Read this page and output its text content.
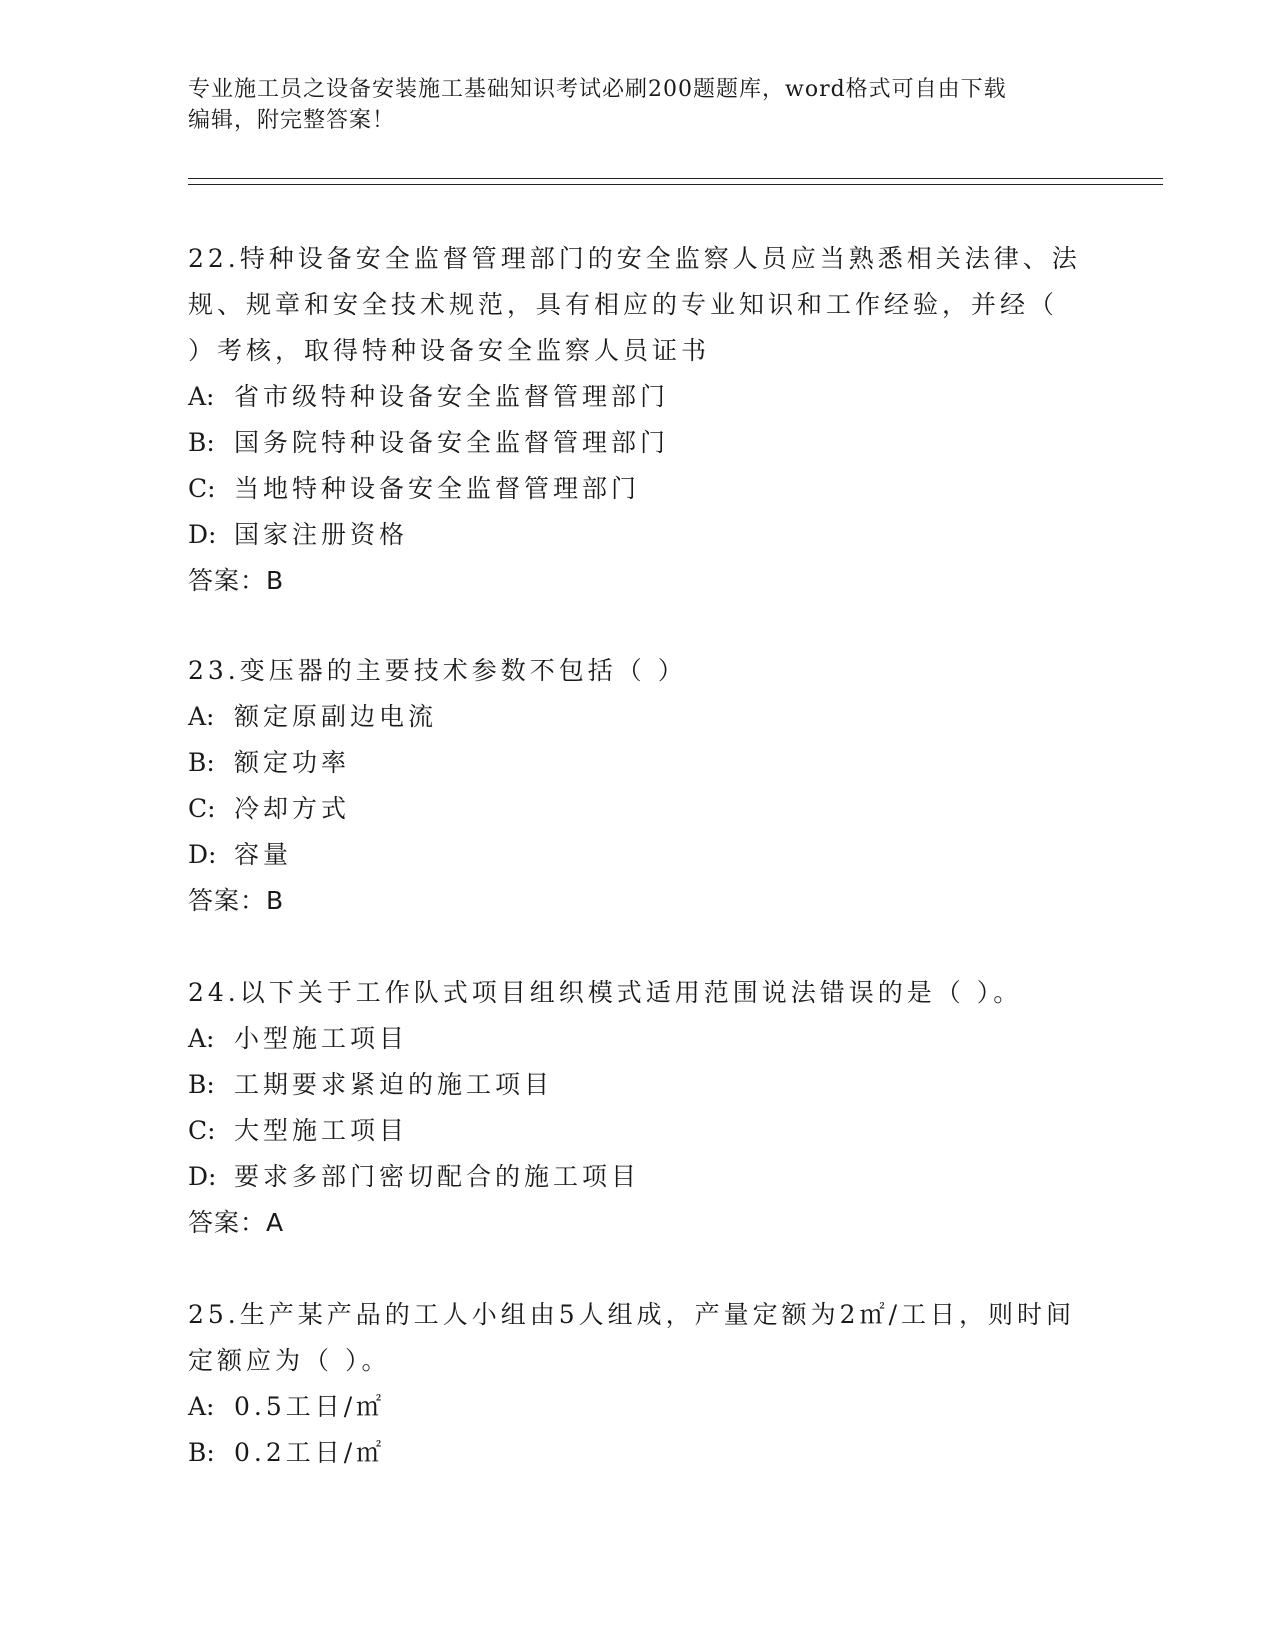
专业施工员之设备安装施工基础知识考试必刷200题题库，word格式可自由下载
编辑，附完整答案！

22.特种设备安全监督管理部门的安全监察人员应当熟悉相关法律、法

规、规章和安全技术规范，具有相应的专业知识和工作经验，并经（

）考核，取得特种设备安全监察人员证书

A: 省市级特种设备安全监督管理部门

B: 国务院特种设备安全监督管理部门

C: 当地特种设备安全监督管理部门

D: 国家注册资格

答案：B

23.变压器的主要技术参数不包括（ ）

A: 额定原副边电流

B: 额定功率

C: 冷却方式

D: 容量

答案：B

24.以下关于工作队式项目组织模式适用范围说法错误的是（ ）。

A: 小型施工项目

B: 工期要求紧迫的施工项目

C: 大型施工项目

D: 要求多部门密切配合的施工项目

答案：A

25.生产某产品的工人小组由5人组成，产量定额为2㎡/工日，则时间

定额应为（ ）。

A: 0.5工日/㎡

B: 0.2工日/㎡
